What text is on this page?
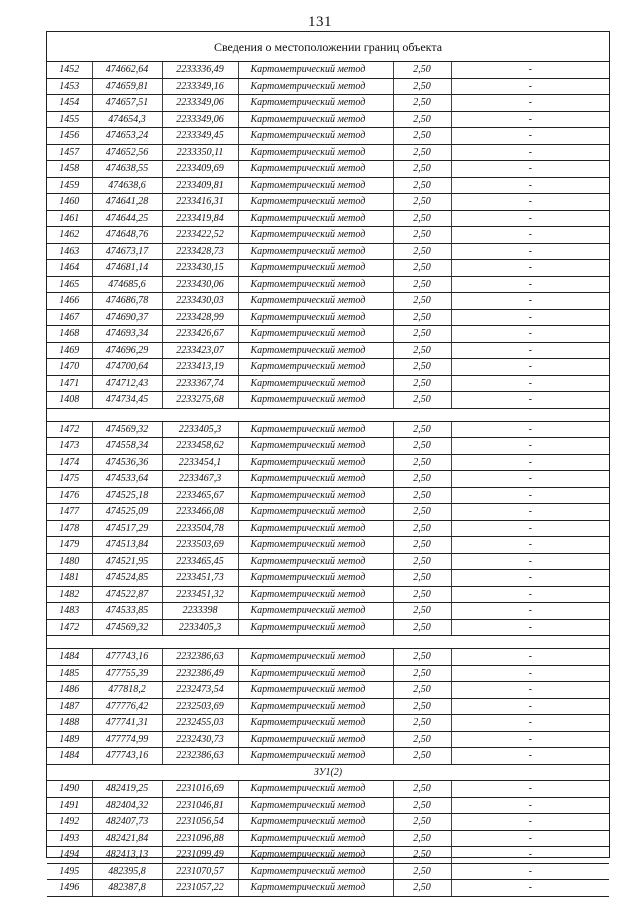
131
Сведения о местоположении границ объекта
1452	474662,64	2233336,49	Картометрический метод	2,50	-
1453	474659,81	2233349,16	Картометрический метод	2,50	-
1454	474657,51	2233349,06	Картометрический метод	2,50	-
1455	474654,3	2233349,06	Картометрический метод	2,50	-
1456	474653,24	2233349,45	Картометрический метод	2,50	-
1457	474652,56	2233350,11	Картометрический метод	2,50	-
1458	474638,55	2233409,69	Картометрический метод	2,50	-
1459	474638,6	2233409,81	Картометрический метод	2,50	-
1460	474641,28	2233416,31	Картометрический метод	2,50	-
1461	474644,25	2233419,84	Картометрический метод	2,50	-
1462	474648,76	2233422,52	Картометрический метод	2,50	-
1463	474673,17	2233428,73	Картометрический метод	2,50	-
1464	474681,14	2233430,15	Картометрический метод	2,50	-
1465	474685,6	2233430,06	Картометрический метод	2,50	-
1466	474686,78	2233430,03	Картометрический метод	2,50	-
1467	474690,37	2233428,99	Картометрический метод	2,50	-
1468	474693,34	2233426,67	Картометрический метод	2,50	-
1469	474696,29	2233423,07	Картометрический метод	2,50	-
1470	474700,64	2233413,19	Картометрический метод	2,50	-
1471	474712,43	2233367,74	Картометрический метод	2,50	-
1408	474734,45	2233275,68	Картометрический метод	2,50	-

1472	474569,32	2233405,3	Картометрический метод	2,50	-
1473	474558,34	2233458,62	Картометрический метод	2,50	-
1474	474536,36	2233454,1	Картометрический метод	2,50	-
1475	474533,64	2233467,3	Картометрический метод	2,50	-
1476	474525,18	2233465,67	Картометрический метод	2,50	-
1477	474525,09	2233466,08	Картометрический метод	2,50	-
1478	474517,29	2233504,78	Картометрический метод	2,50	-
1479	474513,84	2233503,69	Картометрический метод	2,50	-
1480	474521,95	2233465,45	Картометрический метод	2,50	-
1481	474524,85	2233451,73	Картометрический метод	2,50	-
1482	474522,87	2233451,32	Картометрический метод	2,50	-
1483	474533,85	2233398	Картометрический метод	2,50	-
1472	474569,32	2233405,3	Картометрический метод	2,50	-

1484	477743,16	2232386,63	Картометрический метод	2,50	-
1485	477755,39	2232386,49	Картометрический метод	2,50	-
1486	477818,2	2232473,54	Картометрический метод	2,50	-
1487	477776,42	2232503,69	Картометрический метод	2,50	-
1488	477741,31	2232455,03	Картометрический метод	2,50	-
1489	477774,99	2232430,73	Картометрический метод	2,50	-
1484	477743,16	2232386,63	Картометрический метод	2,50	-
ЗУ1(2)					
1490	482419,25	2231016,69	Картометрический метод	2,50	-
1491	482404,32	2231046,81	Картометрический метод	2,50	-
1492	482407,73	2231056,54	Картометрический метод	2,50	-
1493	482421,84	2231096,88	Картометрический метод	2,50	-
1494	482413,13	2231099,49	Картометрический метод	2,50	-
1495	482395,8	2231070,57	Картометрический метод	2,50	-
1496	482387,8	2231057,22	Картометрический метод	2,50	-
